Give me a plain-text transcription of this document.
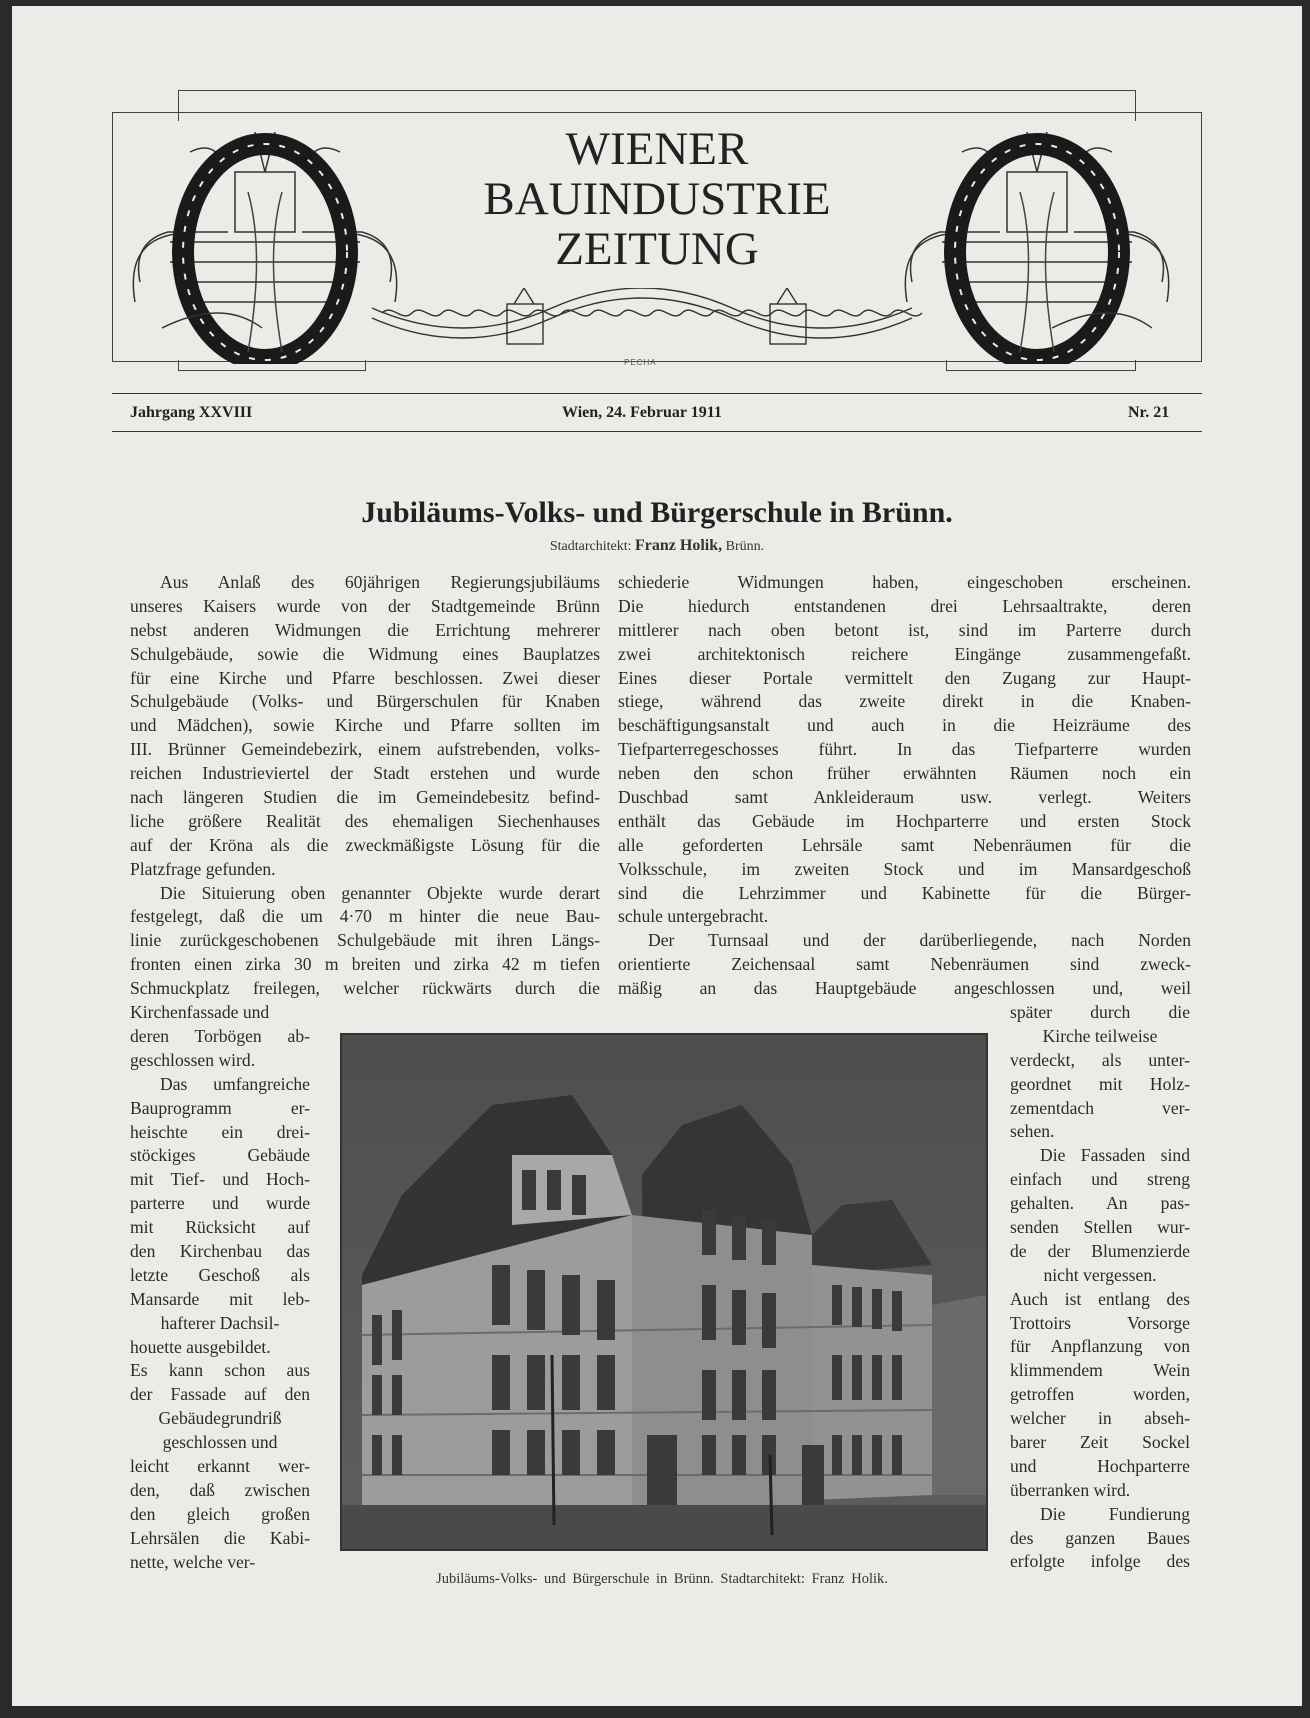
WIENER
BAUINDUSTRIE
ZEITUNG
PECHA
Jahrgang XXVIII	Wien, 24. Februar 1911	Nr. 21
Jubiläums-Volks- und Bürgerschule in Brünn.
Stadtarchitekt: Franz Holik, Brünn.
Aus Anlaß des 60jährigen Regierungsjubiläums
unseres Kaisers wurde von der Stadtgemeinde Brünn
nebst anderen Widmungen die Errichtung mehrerer
Schulgebäude, sowie die Widmung eines Bauplatzes
für eine Kirche und Pfarre beschlossen. Zwei dieser
Schulgebäude (Volks- und Bürgerschulen für Knaben
und Mädchen), sowie Kirche und Pfarre sollten im
III. Brünner Gemeindebezirk, einem aufstrebenden, volks-
reichen Industrieviertel der Stadt erstehen und wurde
nach längeren Studien die im Gemeindebesitz befind-
liche größere Realität des ehemaligen Siechenhauses
auf der Kröna als die zweckmäßigste Lösung für die
Platzfrage gefunden.
Die Situierung oben genannter Objekte wurde derart
festgelegt, daß die um 4·70 m hinter die neue Bau-
linie zurückgeschobenen Schulgebäude mit ihren Längs-
fronten einen zirka 30 m breiten und zirka 42 m tiefen
Schmuckplatz freilegen, welcher rückwärts durch die
Kirchenfassade und
deren Torbögen ab-
geschlossen wird.
Das umfangreiche
Bauprogramm er-
heischte ein drei-
stöckiges Gebäude
mit Tief- und Hoch-
parterre und wurde
mit Rücksicht auf
den Kirchenbau das
letzte Geschoß als
Mansarde mit leb-
hafterer Dachsil-
houette ausgebildet.
Es kann schon aus
der Fassade auf den
Gebäudegrundriß
geschlossen und
leicht erkannt wer-
den, daß zwischen
den gleich großen
Lehrsälen die Kabi-
nette, welche ver-
schiederie Widmungen haben, eingeschoben erscheinen.
Die hiedurch entstandenen drei Lehrsaaltrakte, deren
mittlerer nach oben betont ist, sind im Parterre durch
zwei architektonisch reichere Eingänge zusammengefaßt.
Eines dieser Portale vermittelt den Zugang zur Haupt-
stiege, während das zweite direkt in die Knaben-
beschäftigungsanstalt und auch in die Heizräume des
Tiefparterregeschosses führt. In das Tiefparterre wurden
neben den schon früher erwähnten Räumen noch ein
Duschbad samt Ankleideraum usw. verlegt. Weiters
enthält das Gebäude im Hochparterre und ersten Stock
alle geforderten Lehrsäle samt Nebenräumen für die
Volksschule, im zweiten Stock und im Mansardgeschoß
sind die Lehrzimmer und Kabinette für die Bürger-
schule untergebracht.
Der Turnsaal und der darüberliegende, nach Norden
orientierte Zeichensaal samt Nebenräumen sind zweck-
mäßig an das Hauptgebäude angeschlossen und, weil
später durch die
Kirche teilweise
verdeckt, als unter-
geordnet mit Holz-
zementdach ver-
sehen.
Die Fassaden sind
einfach und streng
gehalten. An pas-
senden Stellen wur-
de der Blumenzierde
nicht vergessen.
Auch ist entlang des
Trottoirs Vorsorge
für Anpflanzung von
klimmendem Wein
getroffen worden,
welcher in abseh-
barer Zeit Sockel
und Hochparterre
überranken wird.
Die Fundierung
des ganzen Baues
erfolgte infolge des
Jubiläums-Volks- und Bürgerschule in Brünn. Stadtarchitekt: Franz Holik.
